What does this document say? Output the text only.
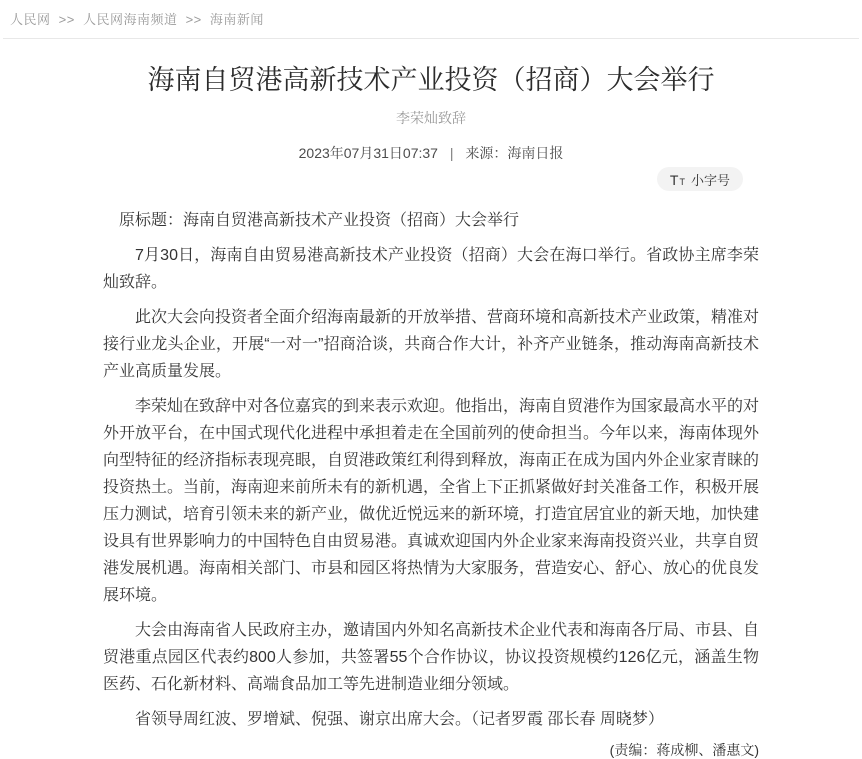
人民网 >> 人民网海南频道 >> 海南新闻
海南自贸港高新技术产业投资（招商）大会举行
李荣灿致辞
2023年07月31日07:37 | 来源：海南日报
T T 小字号
原标题：海南自贸港高新技术产业投资（招商）大会举行

7月30日，海南自由贸易港高新技术产业投资（招商）大会在海口举行。省政协主席李荣灿致辞。

此次大会向投资者全面介绍海南最新的开放举措、营商环境和高新技术产业政策，精准对接行业龙头企业，开展“一对一”招商洽谈，共商合作大计，补齐产业链条，推动海南高新技术产业高质量发展。

李荣灿在致辞中对各位嘉宾的到来表示欢迎。他指出，海南自贸港作为国家最高水平的对外开放平台，在中国式现代化进程中承担着走在全国前列的使命担当。今年以来，海南体现外向型特征的经济指标表现亮眼，自贸港政策红利得到释放，海南正在成为国内外企业家青睐的投资热土。当前，海南迎来前所未有的新机遇，全省上下正抓紧做好封关准备工作，积极开展压力测试，培育引领未来的新产业，做优近悦远来的新环境，打造宜居宜业的新天地，加快建设具有世界影响力的中国特色自由贸易港。真诚欢迎国内外企业家来海南投资兴业，共享自贸港发展机遇。海南相关部门、市县和园区将热情为大家服务，营造安心、舒心、放心的优良发展环境。

大会由海南省人民政府主办，邀请国内外知名高新技术企业代表和海南各厅局、市县、自贸港重点园区代表约800人参加，共签署55个合作协议，协议投资规模约126亿元，涵盖生物医药、石化新材料、高端食品加工等先进制造业细分领域。

省领导周红波、罗增斌、倪强、谢京出席大会。（记者罗霞 邵长春 周晓梦）

(责编：蒋成柳、潘惠文)
